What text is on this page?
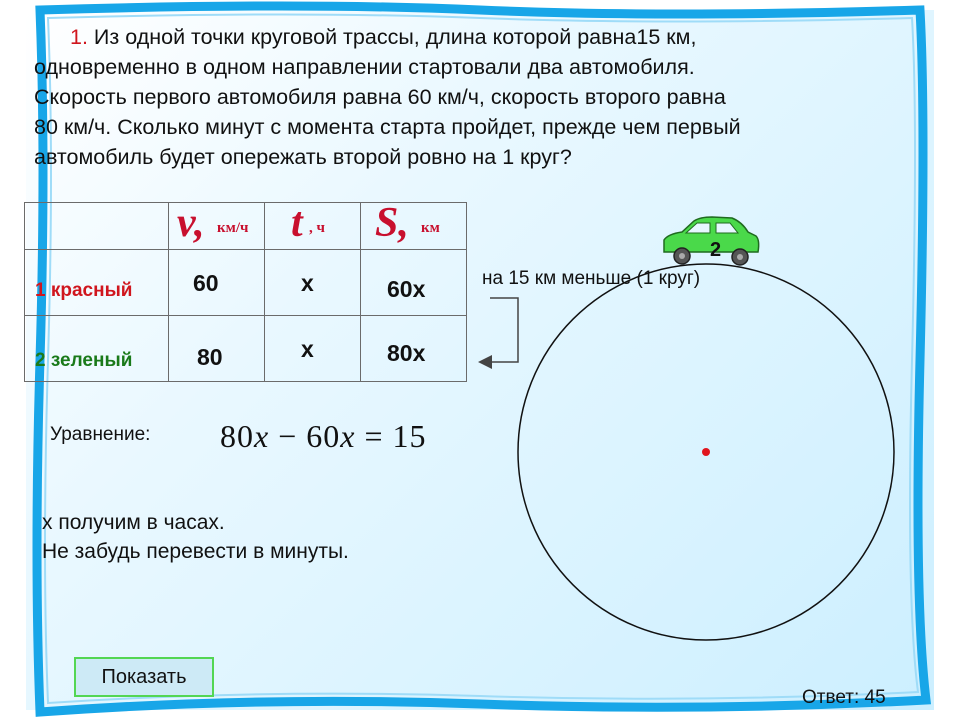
1. Из одной точки круговой трассы, длина которой равна15 км,
одновременно в одном направлении стартовали два автомобиля.
Скорость первого автомобиля равна 60 км/ч, скорость второго равна
80 км/ч. Сколько минут с момента старта пройдет, прежде чем первый
автомобиль будет опережать второй ровно на 1 круг?

	v, км/ч	t , ч	S, км

1 красный	60	x	60x

2 зеленый	80	x	80x
2
на 15 км меньше (1 круг)
Уравнение: 80x − 60x = 15
х получим в часах.
Не забудь перевести в минуты.
Показать
Ответ: 45
